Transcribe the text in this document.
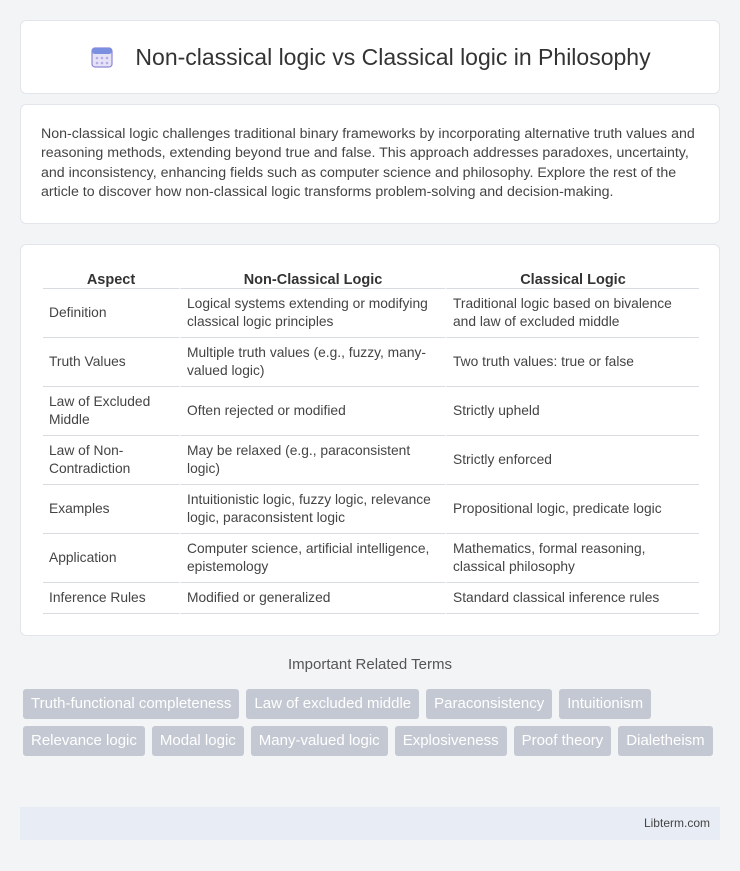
Non-classical logic vs Classical logic in Philosophy

Non-classical logic challenges traditional binary frameworks by incorporating alternative truth values and reasoning methods, extending beyond true and false. This approach addresses paradoxes, uncertainty, and inconsistency, enhancing fields such as computer science and philosophy. Explore the rest of the article to discover how non-classical logic transforms problem-solving and decision-making.

Aspect	Non-Classical Logic	Classical Logic
Definition	Logical systems extending or modifying classical logic principles	Traditional logic based on bivalence and law of excluded middle
Truth Values	Multiple truth values (e.g., fuzzy, many-valued logic)	Two truth values: true or false
Law of Excluded Middle	Often rejected or modified	Strictly upheld
Law of Non-Contradiction	May be relaxed (e.g., paraconsistent logic)	Strictly enforced
Examples	Intuitionistic logic, fuzzy logic, relevance logic, paraconsistent logic	Propositional logic, predicate logic
Application	Computer science, artificial intelligence, epistemology	Mathematics, formal reasoning, classical philosophy
Inference Rules	Modified or generalized	Standard classical inference rules
Important Related Terms
Truth-functional completeness	Law of excluded middle	Paraconsistency	Intuitionism
Relevance logic	Modal logic	Many-valued logic	Explosiveness	Proof theory	Dialetheism
Libterm.com
